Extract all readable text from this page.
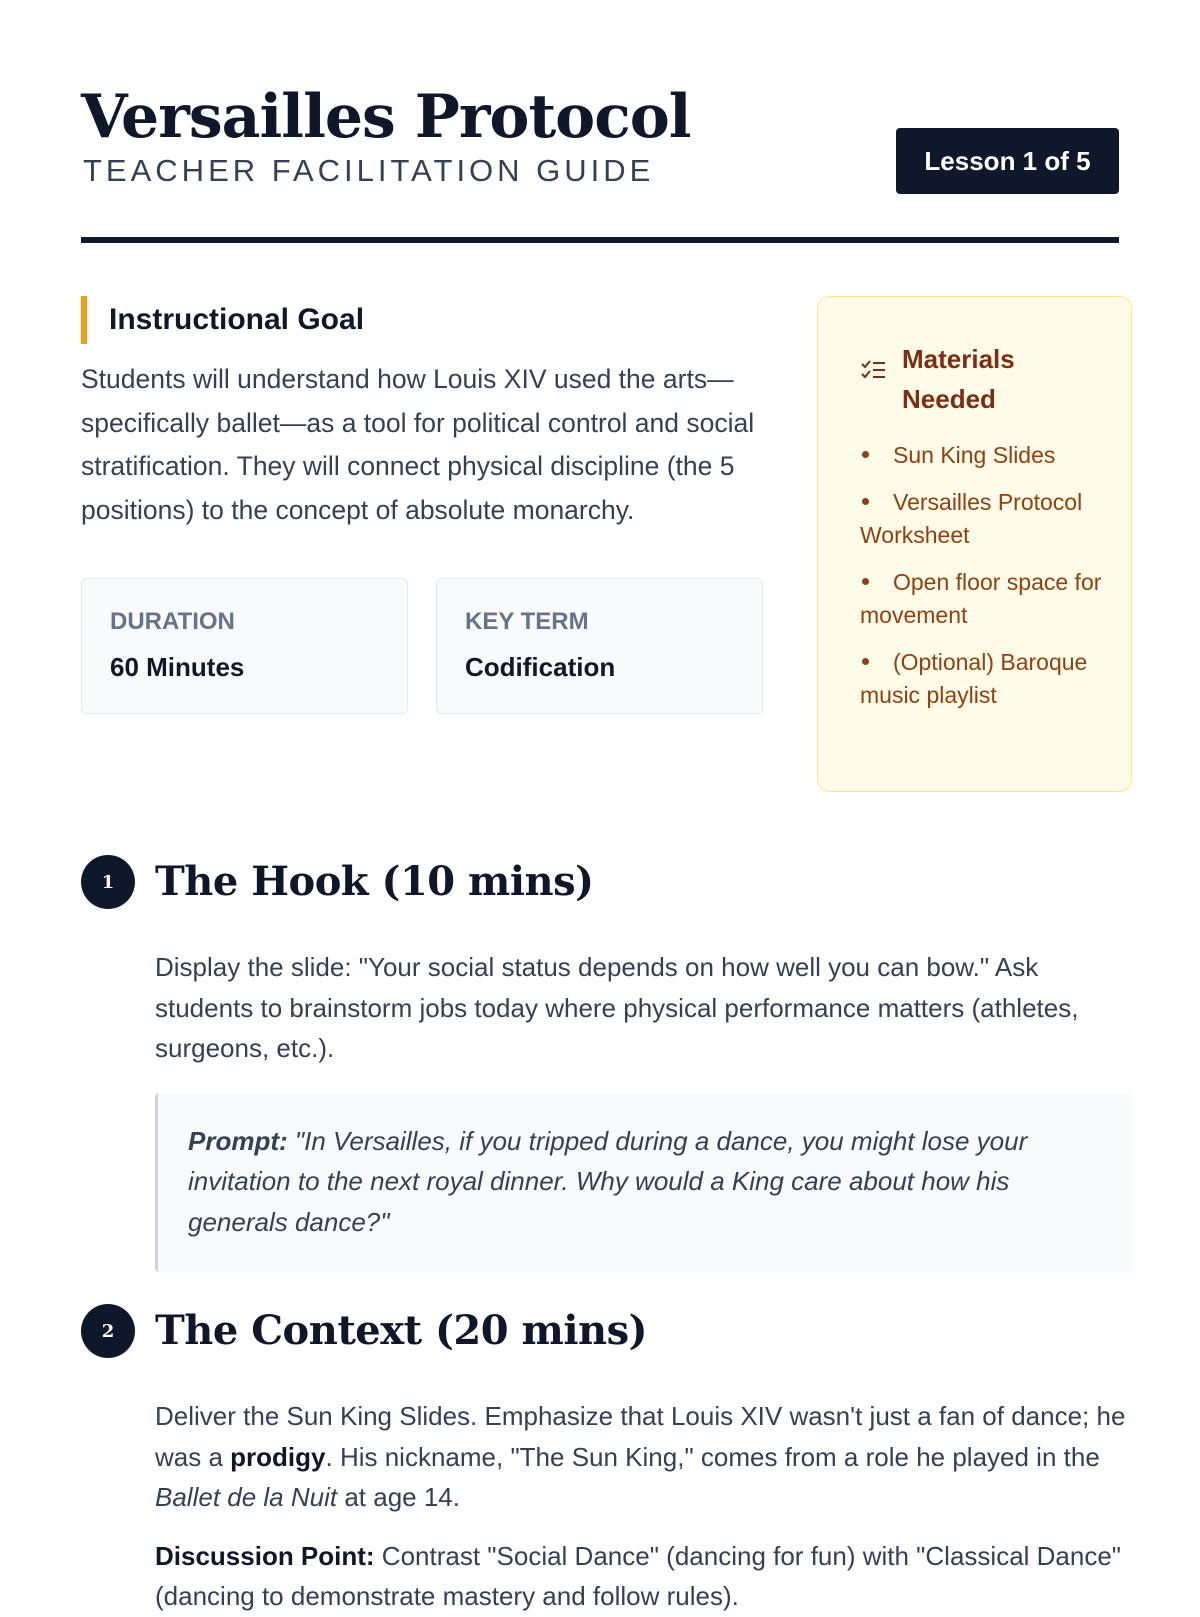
Versailles Protocol
TEACHER FACILITATION GUIDE	Lesson 1 of 5
Instructional Goal

Students will understand how Louis XIV used the arts—specifically ballet—as a tool for political control and social stratification. They will connect physical discipline (the 5 positions) to the concept of absolute monarchy.

DURATION
60 Minutes
KEY TERM
Codification
Materials Needed
Sun King Slides
Versailles Protocol Worksheet
Open floor space for movement
(Optional) Baroque music playlist
1	The Hook (10 mins)

Display the slide: "Your social status depends on how well you can bow." Ask students to brainstorm jobs today where physical performance matters (athletes, surgeons, etc.).

Prompt: "In Versailles, if you tripped during a dance, you might lose your invitation to the next royal dinner. Why would a King care about how his generals dance?"
2	The Context (20 mins)

Deliver the Sun King Slides. Emphasize that Louis XIV wasn't just a fan of dance; he was a prodigy. His nickname, "The Sun King," comes from a role he played in the Ballet de la Nuit at age 14.

Discussion Point: Contrast "Social Dance" (dancing for fun) with "Classical Dance" (dancing to demonstrate mastery and follow rules).
